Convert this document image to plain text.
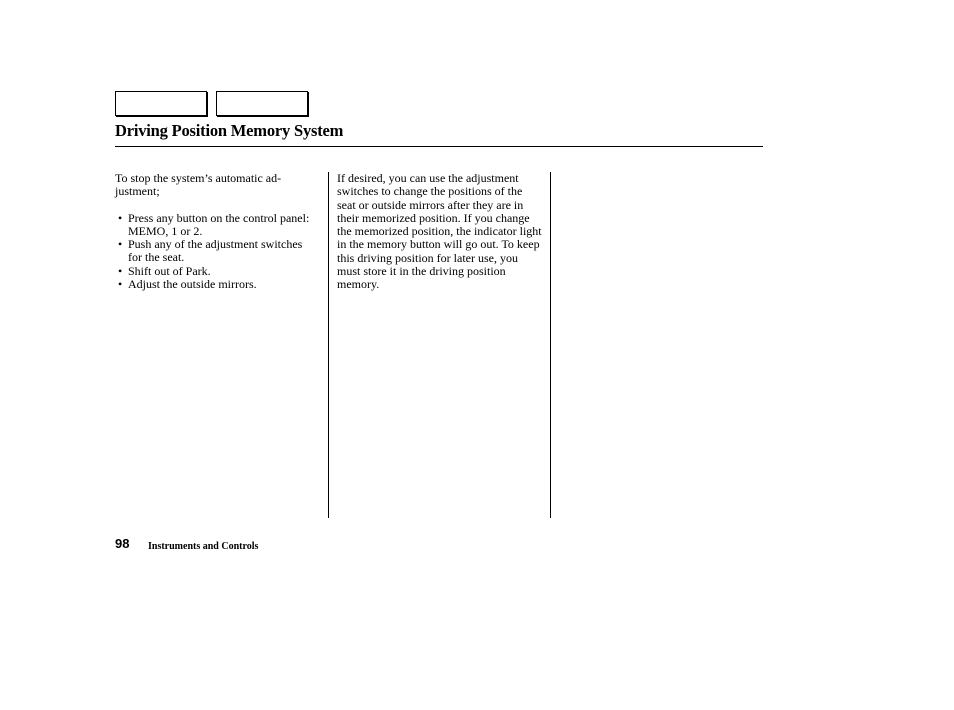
Driving Position Memory System

To stop the system’s automatic ad-
justment;

• Press any button on the control panel: MEMO, 1 or 2.
• Push any of the adjustment switches for the seat.
• Shift out of Park.
• Adjust the outside mirrors.

If desired, you can use the adjustment switches to change the positions of the seat or outside mirrors after they are in their memorized position. If you change the memorized position, the indicator light in the memory button will go out. To keep this driving position for later use, you must store it in the driving position memory.

98 Instruments and Controls
